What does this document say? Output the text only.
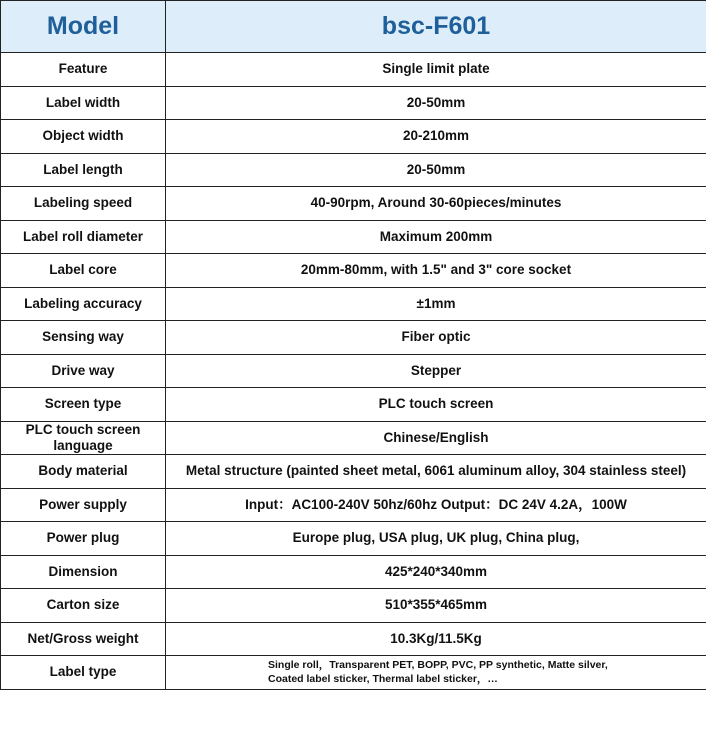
Model	bsc-F601
Feature	Single limit plate
Label width	20-50mm
Object width	20-210mm
Label length	20-50mm
Labeling speed	40-90rpm, Around 30-60pieces/minutes
Label roll diameter	Maximum 200mm
Label core	20mm-80mm, with 1.5" and 3" core socket
Labeling accuracy	±1mm
Sensing way	Fiber optic
Drive way	Stepper
Screen type	PLC touch screen
PLC touch screen language	Chinese/English
Body material	Metal structure (painted sheet metal, 6061 aluminum alloy, 304 stainless steel)
Power supply	Input：AC100-240V 50hz/60hz Output：DC 24V 4.2A，100W
Power plug	Europe plug, USA plug, UK plug, China plug,
Dimension	425*240*340mm
Carton size	510*355*465mm
Net/Gross weight	10.3Kg/11.5Kg
Label type	Single roll，Transparent PET, BOPP, PVC, PP synthetic, Matte silver,
Coated label sticker, Thermal label sticker，…
